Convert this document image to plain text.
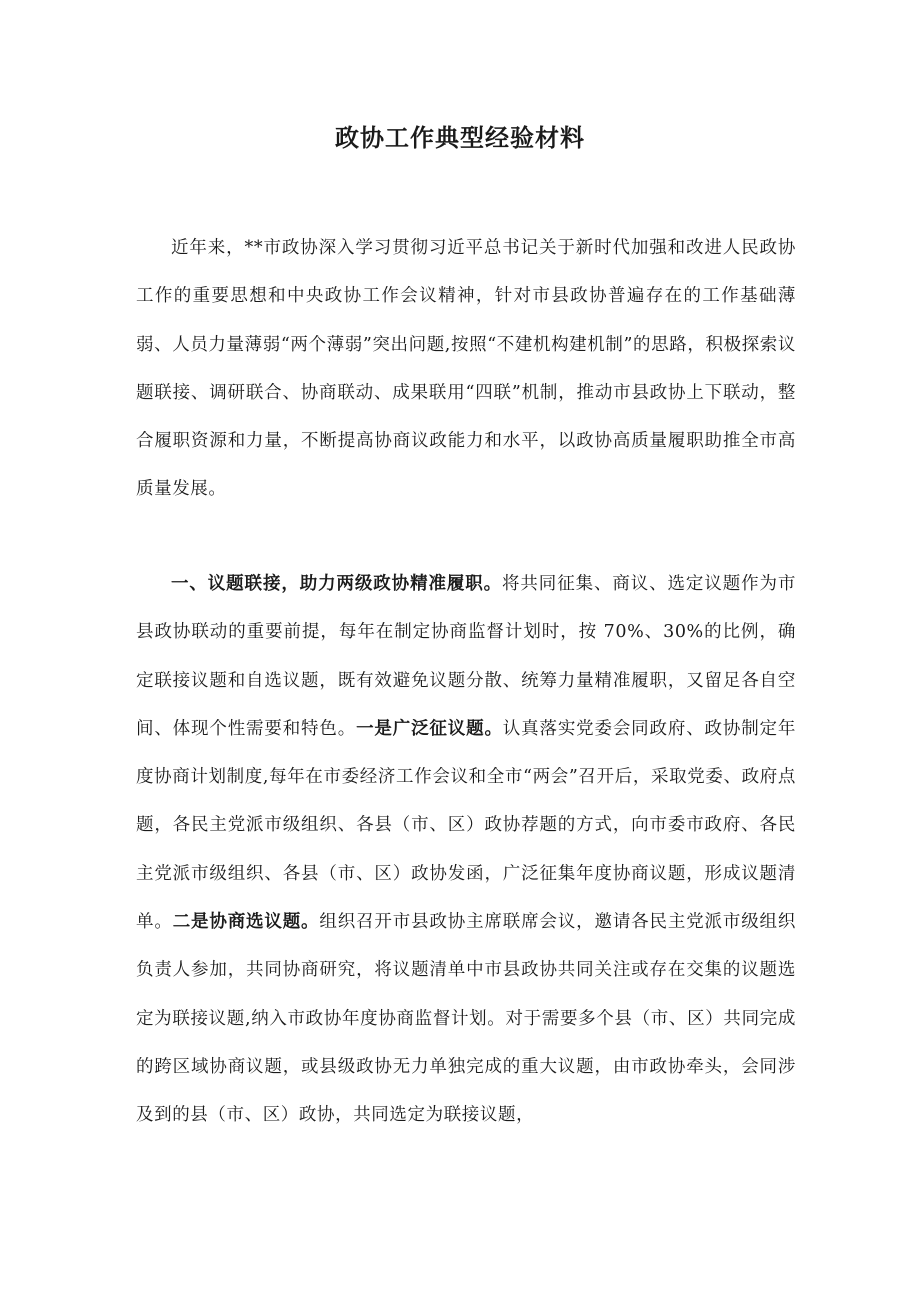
政协工作典型经验材料

近年来，**市政协深入学习贯彻习近平总书记关于新时代加强和改进人民政协工作的重要思想和中央政协工作会议精神，针对市县政协普遍存在的工作基础薄弱、人员力量薄弱“两个薄弱”突出问题,按照“不建机构建机制”的思路，积极探索议题联接、调研联合、协商联动、成果联用“四联”机制，推动市县政协上下联动，整合履职资源和力量，不断提高协商议政能力和水平，以政协高质量履职助推全市高质量发展。

一、议题联接，助力两级政协精准履职。将共同征集、商议、选定议题作为市县政协联动的重要前提，每年在制定协商监督计划时，按 70%、30%的比例，确定联接议题和自选议题，既有效避免议题分散、统筹力量精准履职，又留足各自空间、体现个性需要和特色。一是广泛征议题。认真落实党委会同政府、政协制定年度协商计划制度,每年在市委经济工作会议和全市“两会”召开后，采取党委、政府点题，各民主党派市级组织、各县（市、区）政协荐题的方式，向市委市政府、各民主党派市级组织、各县（市、区）政协发函，广泛征集年度协商议题，形成议题清单。二是协商选议题。组织召开市县政协主席联席会议，邀请各民主党派市级组织负责人参加，共同协商研究，将议题清单中市县政协共同关注或存在交集的议题选定为联接议题,纳入市政协年度协商监督计划。对于需要多个县（市、区）共同完成的跨区域协商议题，或县级政协无力单独完成的重大议题，由市政协牵头，会同涉及到的县（市、区）政协，共同选定为联接议题，
